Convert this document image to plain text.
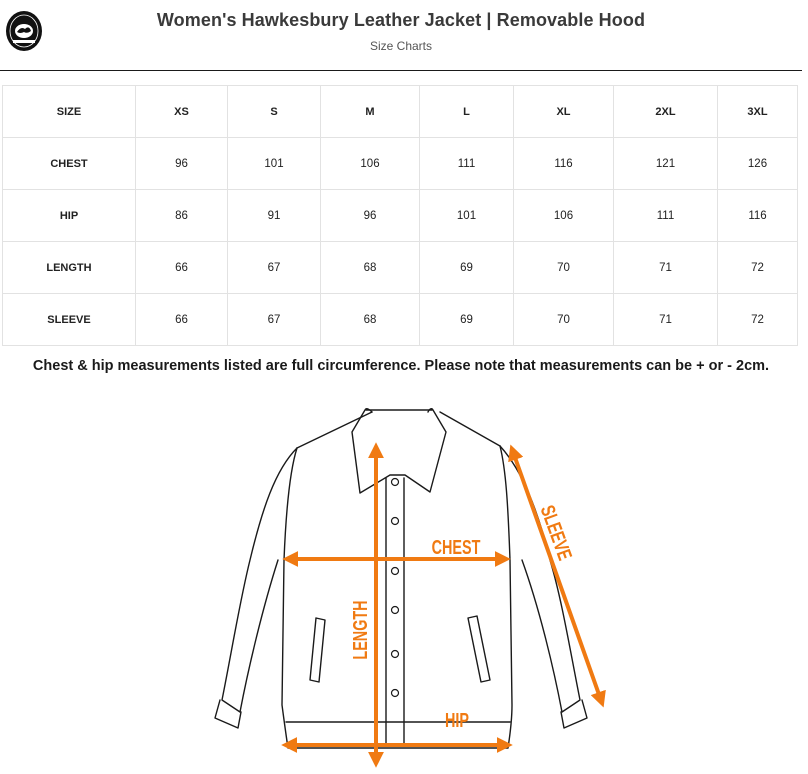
Women's Hawkesbury Leather Jacket | Removable Hood
Size Charts
SIZE	XS	S	M	L	XL	2XL	3XL
CHEST	96	101	106	111	116	121	126
HIP	86	91	96	101	106	111	116
LENGTH	66	67	68	69	70	71	72
SLEEVE	66	67	68	69	70	71	72
Chest & hip measurements listed are full circumference. Please note that measurements can be + or - 2cm.
CHEST
LENGTH
SLEEVE
HIP
